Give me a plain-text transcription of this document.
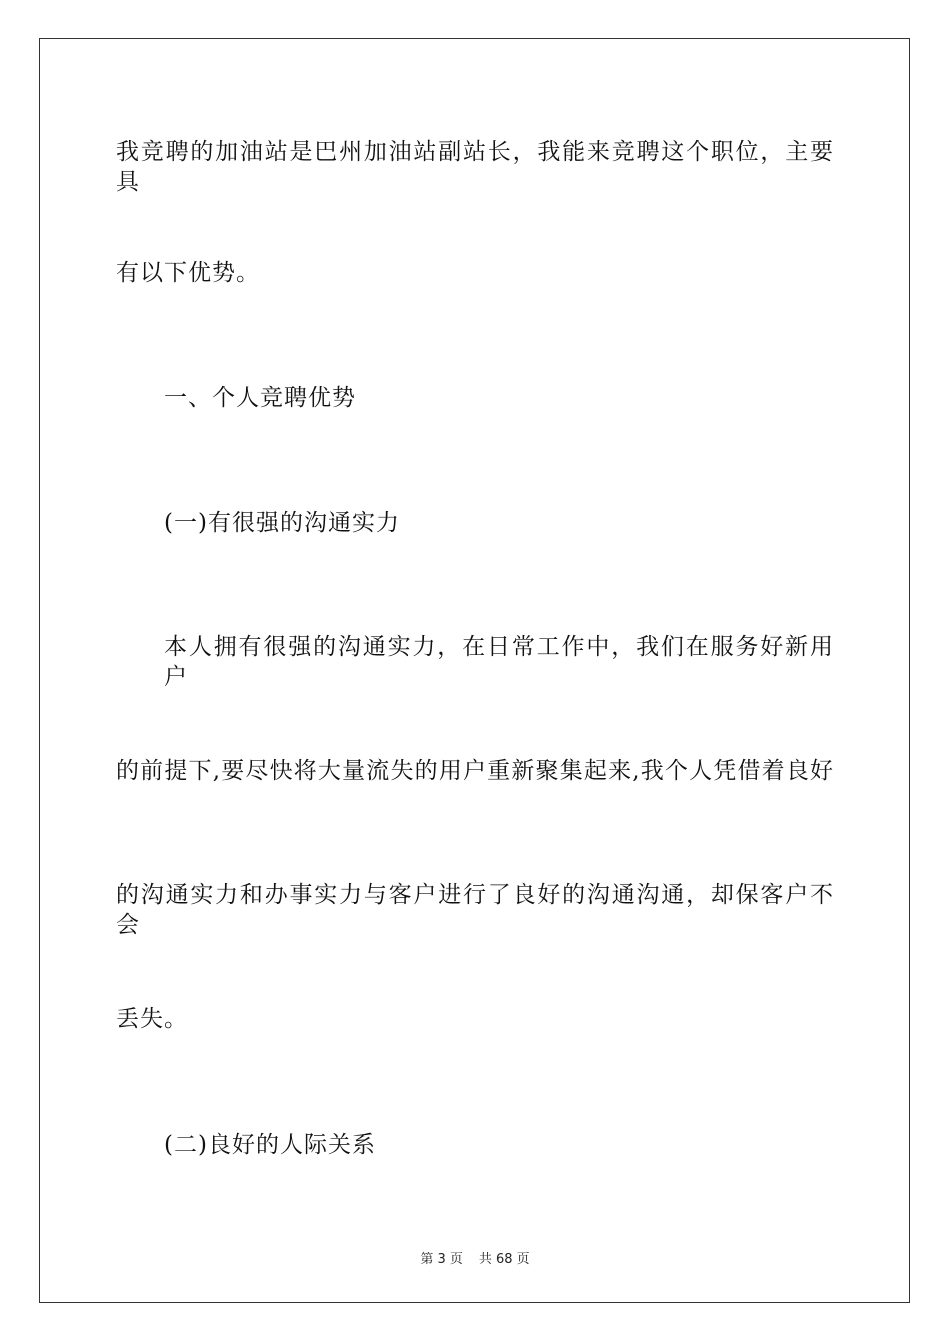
我竞聘的加油站是巴州加油站副站长，我能来竞聘这个职位，主要具
有以下优势。
一、个人竞聘优势
(一)有很强的沟通实力
本人拥有很强的沟通实力，在日常工作中，我们在服务好新用户
的前提下,要尽快将大量流失的用户重新聚集起来,我个人凭借着良好
的沟通实力和办事实力与客户进行了良好的沟通沟通，却保客户不会
丢失。
(二)良好的人际关系
第 3 页 共 68 页
